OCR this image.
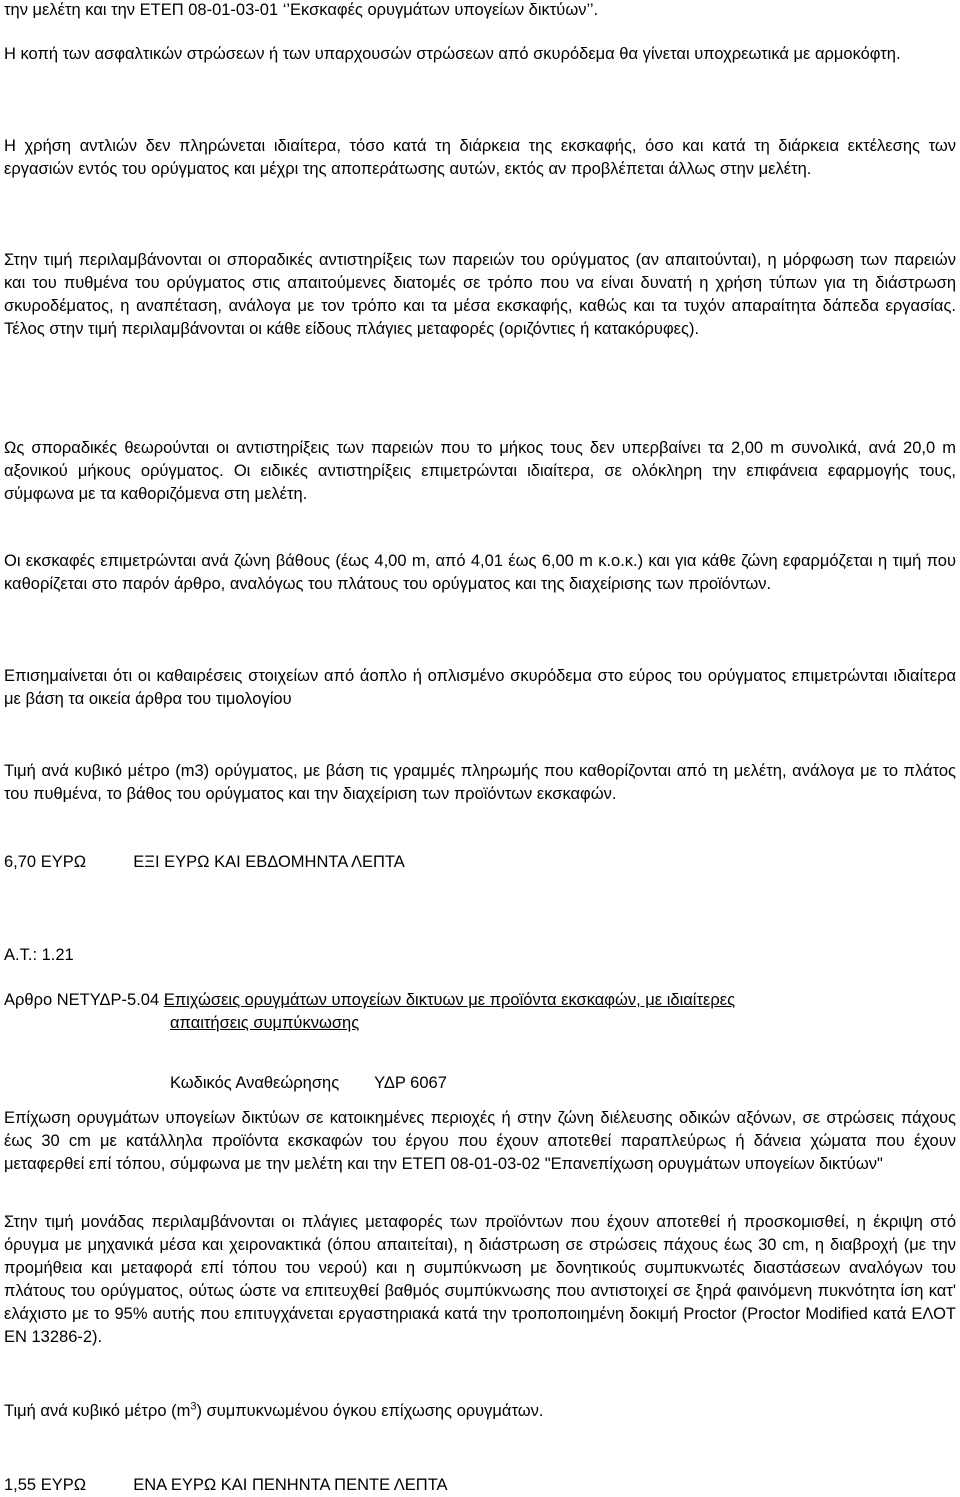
την μελέτη και την ΕΤΕΠ 08-01-03-01 ‘’Εκσκαφές ορυγμάτων υπογείων δικτύων’’.

Η κοπή των ασφαλτικών στρώσεων ή των υπαρχουσών στρώσεων από σκυρόδεμα θα γίνεται υποχρεωτικά με αρμοκόφτη.

Η χρήση αντλιών δεν πληρώνεται ιδιαίτερα, τόσο κατά τη διάρκεια της εκσκαφής, όσο και κατά τη διάρκεια εκτέλεσης των εργασιών εντός του ορύγματος και μέχρι της αποπεράτωσης αυτών, εκτός αν προβλέπεται άλλως στην μελέτη.

Στην τιμή περιλαμβάνονται οι σποραδικές αντιστηρίξεις των παρειών του ορύγματος (αν απαιτούνται), η μόρφωση των παρειών και του πυθμένα του ορύγματος στις απαιτούμενες διατομές σε τρόπο που να είναι δυνατή η χρήση τύπων για τη διάστρωση σκυροδέματος, η αναπέταση, ανάλογα με τον τρόπο και τα μέσα εκσκαφής, καθώς και τα τυχόν απαραίτητα δάπεδα εργασίας. Τέλος στην τιμή περιλαμβάνονται οι κάθε είδους πλάγιες μεταφορές (οριζόντιες ή κατακόρυφες).

Ως σποραδικές θεωρούνται οι αντιστηρίξεις των παρειών που το μήκος τους δεν υπερβαίνει τα 2,00 m συνολικά, ανά 20,0 m αξονικού μήκους ορύγματος. Οι ειδικές αντιστηρίξεις επιμετρώνται ιδιαίτερα, σε ολόκληρη την επιφάνεια εφαρμογής τους, σύμφωνα με τα καθοριζόμενα στη μελέτη.

Οι εκσκαφές επιμετρώνται ανά ζώνη βάθους (έως 4,00 m, από 4,01 έως 6,00 m κ.ο.κ.) και για κάθε ζώνη εφαρμόζεται η τιμή που καθορίζεται στο παρόν άρθρο, αναλόγως του πλάτους του ορύγματος και της διαχείρισης των προϊόντων.

Επισημαίνεται ότι οι καθαιρέσεις στοιχείων από άοπλο ή οπλισμένο σκυρόδεμα στο εύρος του ορύγματος επιμετρώνται ιδιαίτερα με βάση τα οικεία άρθρα του τιμολογίου

Τιμή ανά κυβικό μέτρο (m3) ορύγματος, με βάση τις γραμμές πληρωμής που καθορίζονται από τη μελέτη, ανάλογα με το πλάτος του πυθμένα, το βάθος του ορύγματος και την διαχείριση των προϊόντων εκσκαφών.

6,70 ΕΥΡΩ	ΕΞΙ ΕΥΡΩ ΚΑΙ ΕΒΔΟΜΗΝΤΑ ΛΕΠΤΑ
Α.Τ.: 1.21
Αρθρο ΝΕΤΥΔΡ-5.04 Επιχώσεις ορυγμάτων υπογείων δικτυων με προϊόντα εκσκαφών, με ιδιαίτερες
απαιτήσεις συμπύκνωσης
Κωδικός Αναθεώρησης ΥΔΡ 6067

Επίχωση ορυγμάτων υπογείων δικτύων σε κατοικημένες περιοχές ή στην ζώνη διέλευσης οδικών αξόνων, σε στρώσεις πάχους έως 30 cm με κατάλληλα προϊόντα εκσκαφών του έργου που έχουν αποτεθεί παραπλεύρως ή δάνεια χώματα που έχουν μεταφερθεί επί τόπου, σύμφωνα με την μελέτη και την ΕΤΕΠ 08-01-03-02 "Επανεπίχωση ορυγμάτων υπογείων δικτύων"

Στην τιμή μονάδας περιλαμβάνονται οι πλάγιες μεταφορές των προϊόντων που έχουν αποτεθεί ή προσκομισθεί, η έκριψη στό όρυγμα με μηχανικά μέσα και χειρονακτικά (όπου απαιτείται), η διάστρωση σε στρώσεις πάχους έως 30 cm, η διαβροχή (με την προμήθεια και μεταφορά επί τόπου του νερού) και η συμπύκνωση με δονητικούς συμπυκνωτές διαστάσεων αναλόγων του πλάτους του ορύγματος, ούτως ώστε να επιτευχθεί βαθμός συμπύκνωσης που αντιστοιχεί σε ξηρά φαινόμενη πυκνότητα ίση κατ' ελάχιστο με το 95% αυτής που επιτυγχάνεται εργαστηριακά κατά την τροποποιημένη δοκιμή Proctor (Proctor Modified κατά ΕΛΟΤ ΕΝ 13286-2).

Τιμή ανά κυβικό μέτρο $(m^3)$ συμπυκνωμένου όγκου επίχωσης ορυγμάτων.

1,55 ΕΥΡΩ	ΕΝΑ ΕΥΡΩ ΚΑΙ ΠΕΝΗΝΤΑ ΠΕΝΤΕ ΛΕΠΤΑ
